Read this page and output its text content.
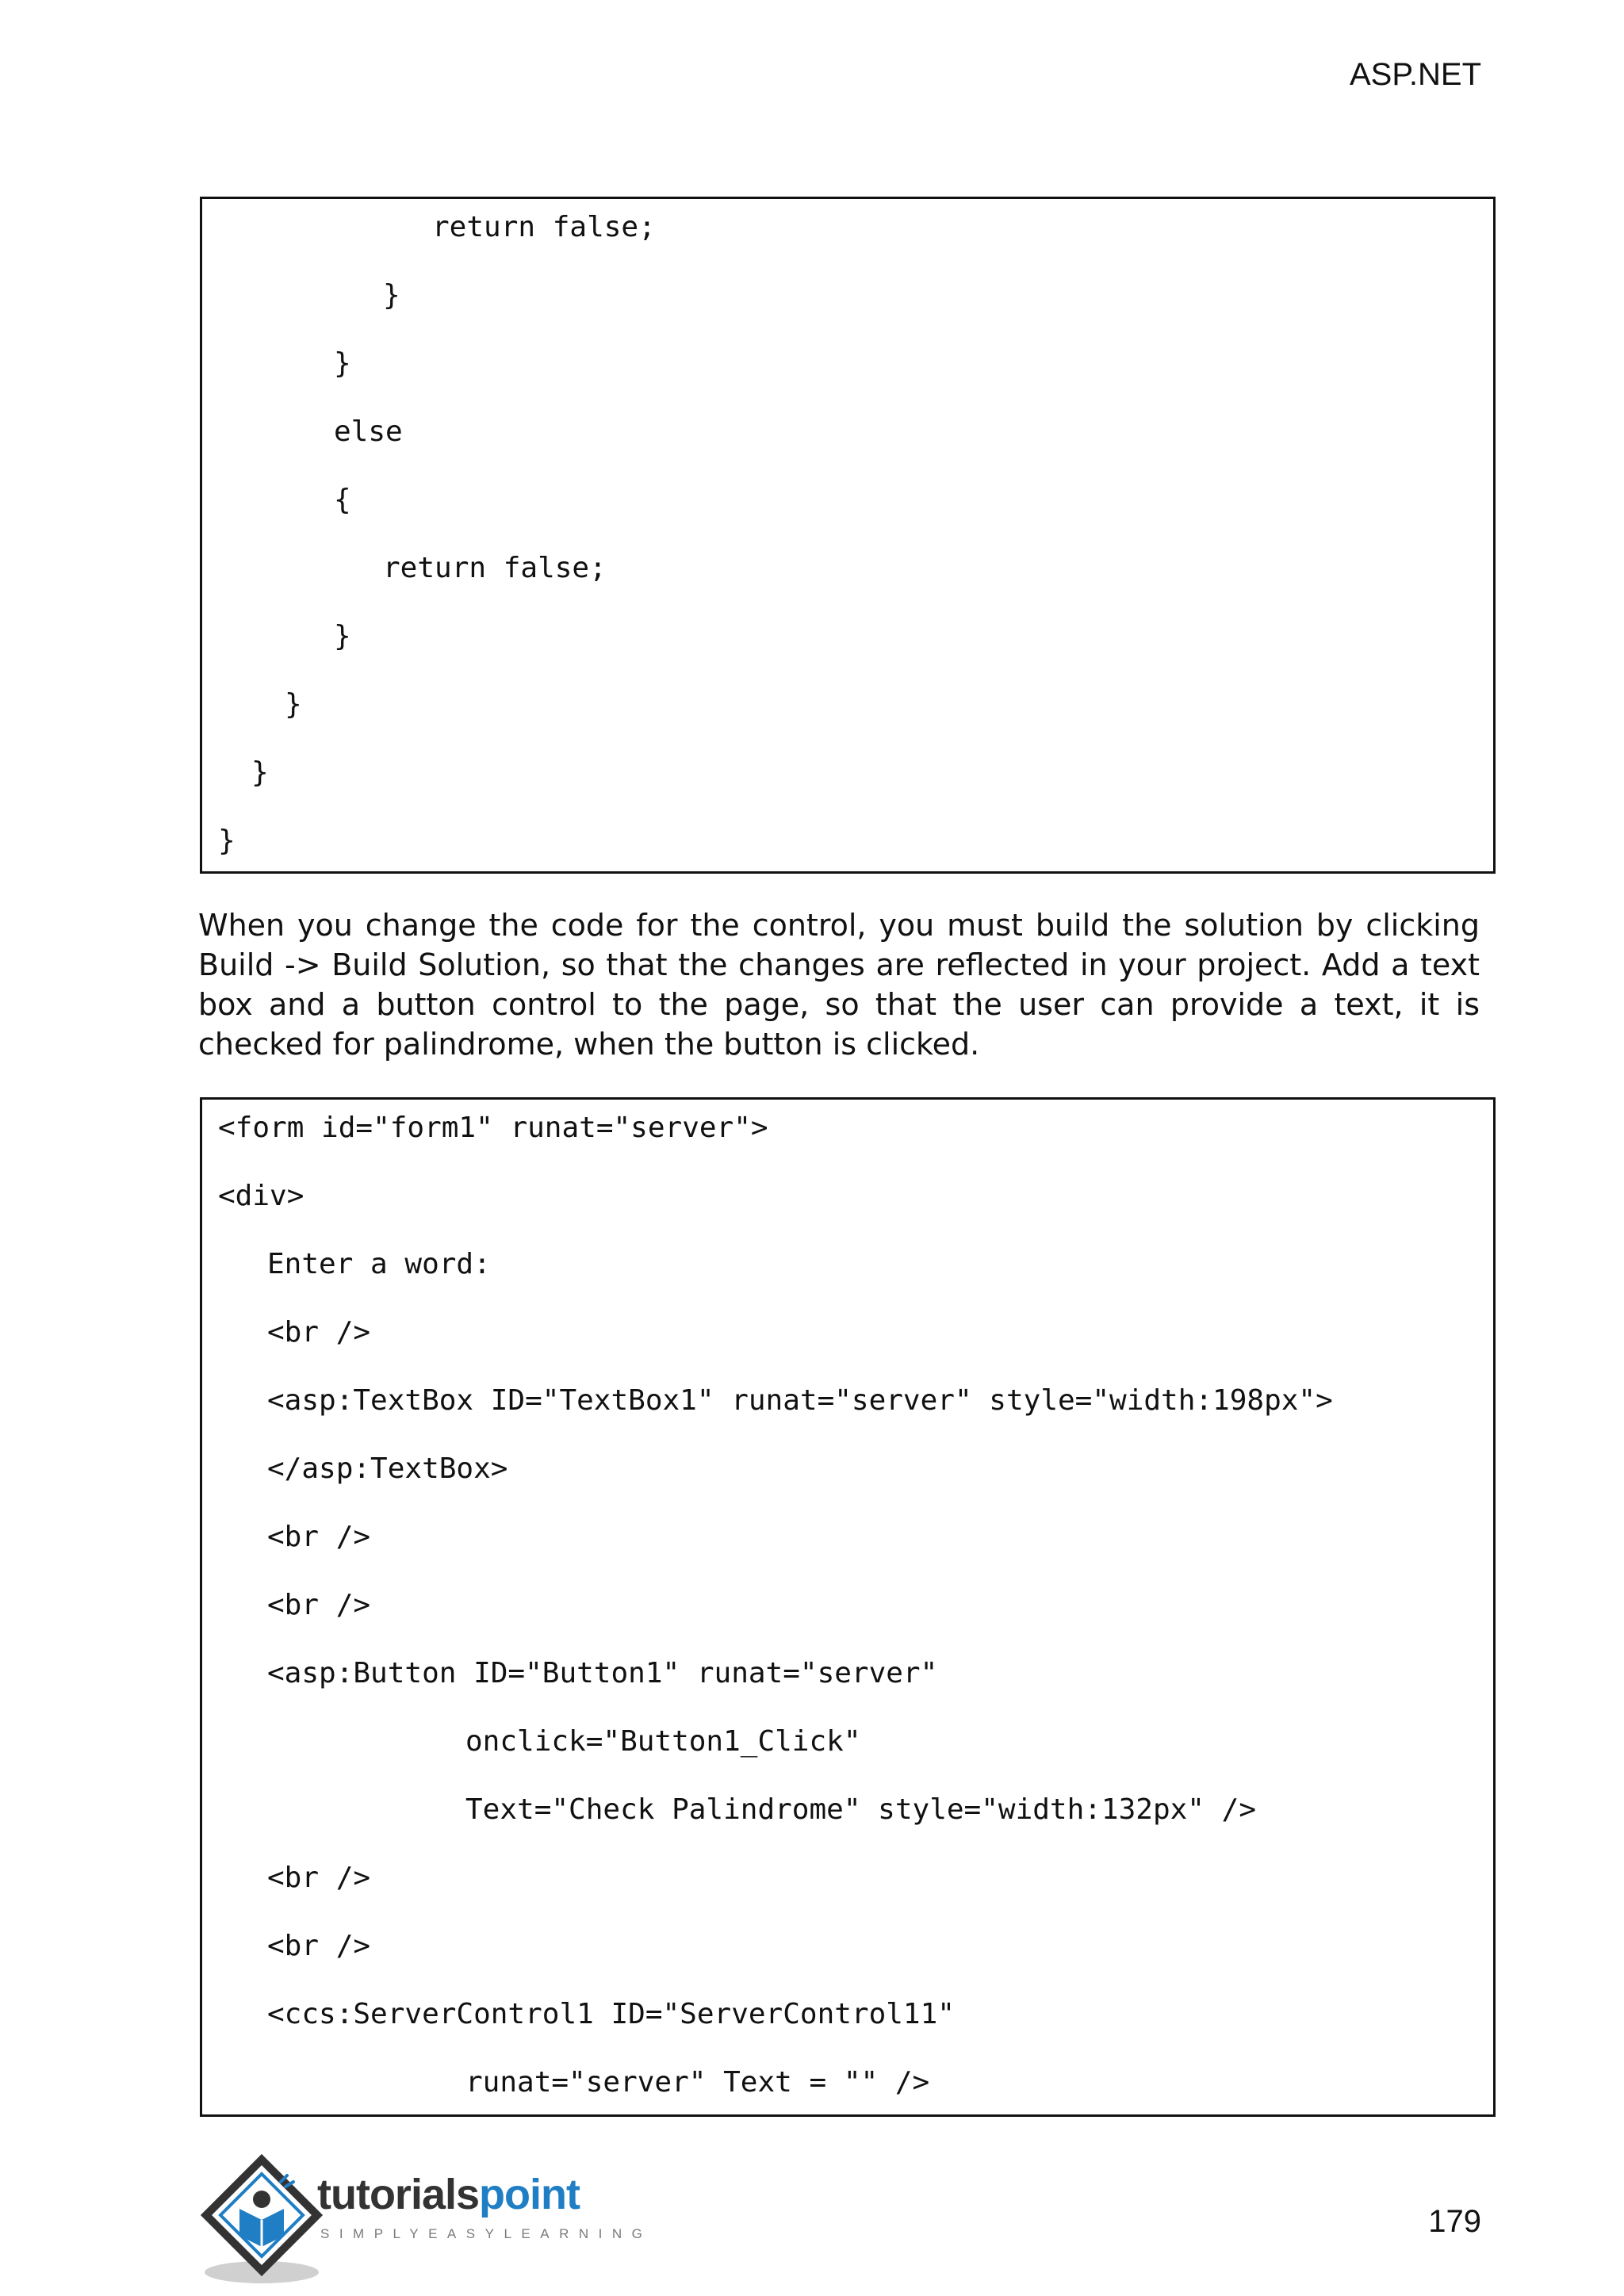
ASP.NET
return false;
}
}
else
{
return false;
}
}
}
}
When you change the code for the control, you must build the solution by clicking Build -> Build Solution, so that the changes are reflected in your project. Add a text box and a button control to the page, so that the user can provide a text, it is checked for palindrome, when the button is clicked.
<form id="form1" runat="server">
<div>
Enter a word:
<br />
<asp:TextBox ID="TextBox1" runat="server" style="width:198px">
</asp:TextBox>
<br />
<br />
<asp:Button ID="Button1" runat="server"
onclick="Button1_Click"
Text="Check Palindrome" style="width:132px" />
<br />
<br />
<ccs:ServerControl1 ID="ServerControl11"
runat="server" Text = "" />
tutorialspoint
SIMPLYEASYLEARNING	179
